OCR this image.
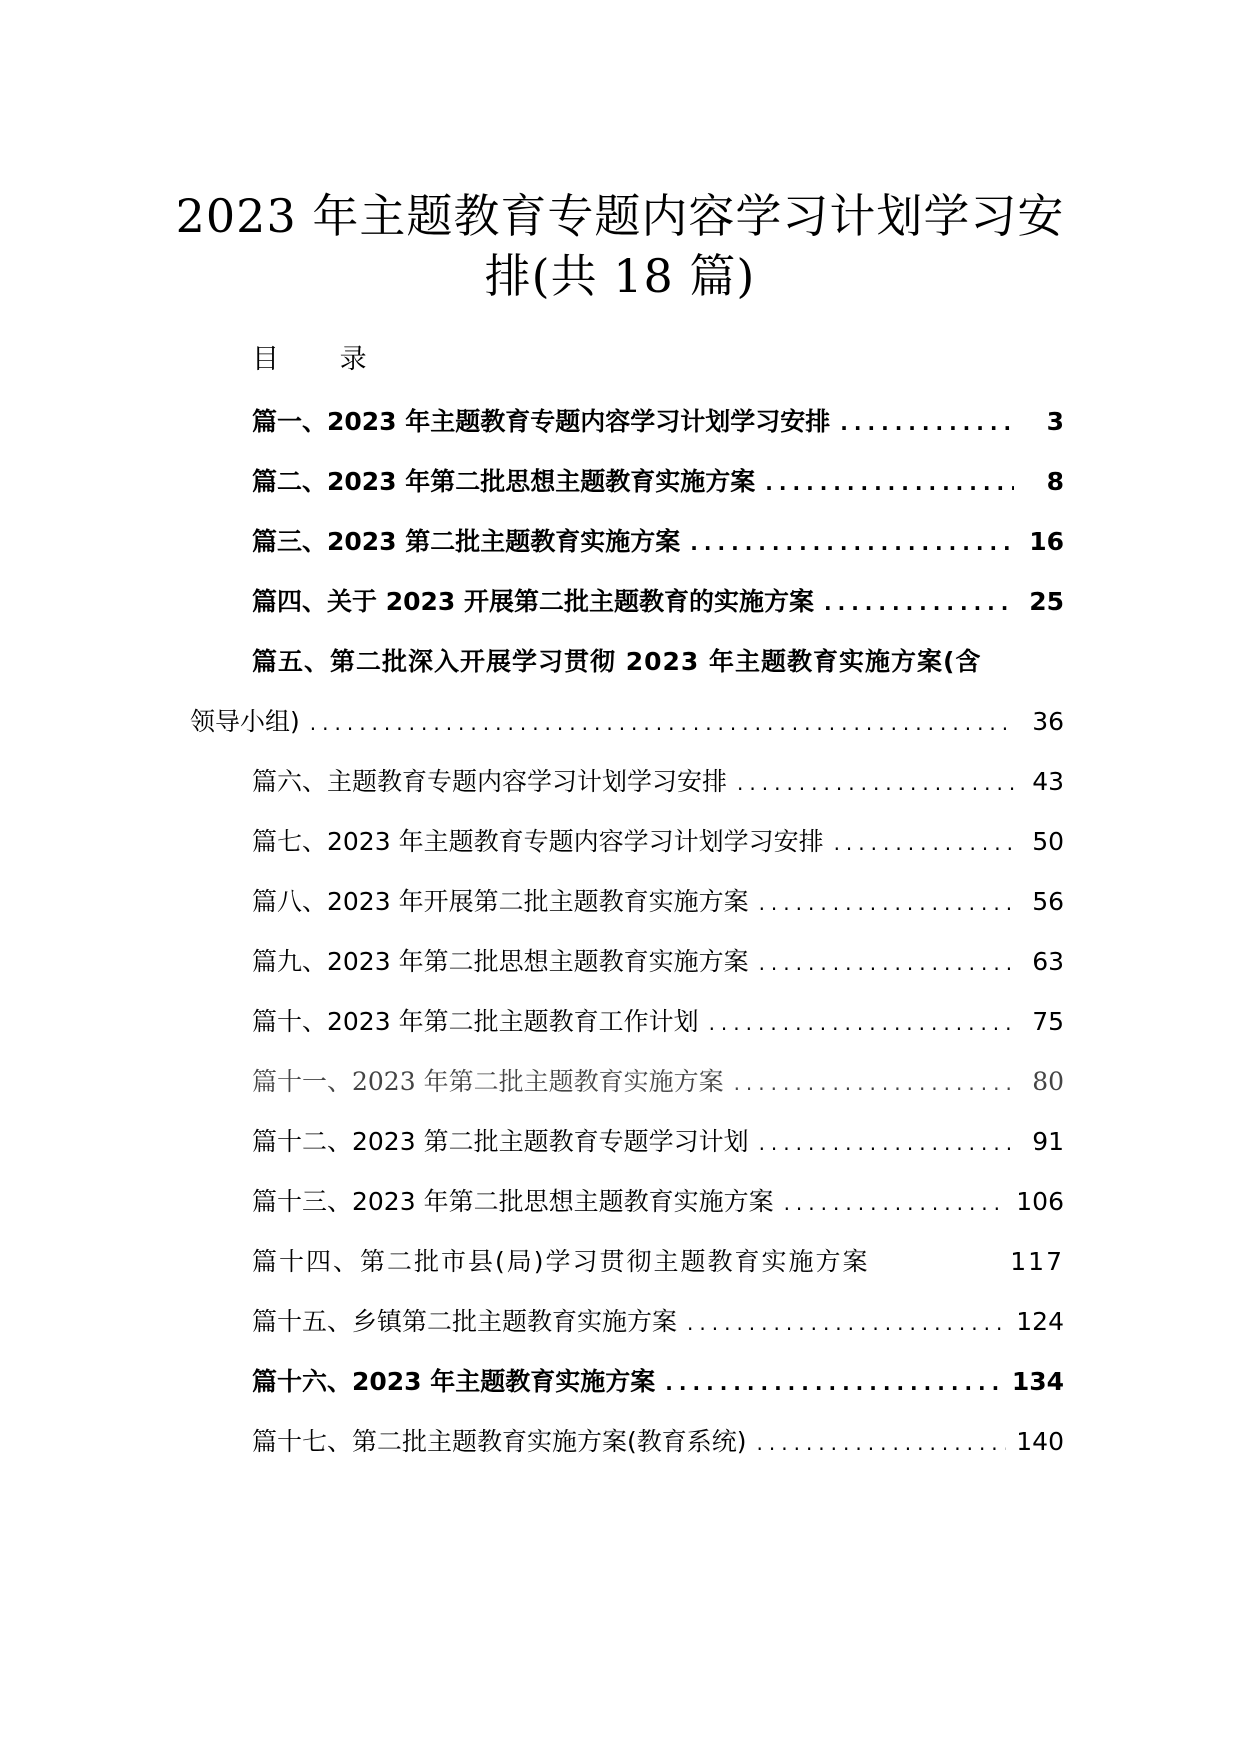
2023 年主题教育专题内容学习计划学习安
排(共 18 篇)
目 录
篇一、2023 年主题教育专题内容学习计划学习安排 .....	3
篇二、2023 年第二批思想主题教育实施方案 .....	8
篇三、2023 第二批主题教育实施方案 .....	16
篇四、关于 2023 开展第二批主题教育的实施方案 .....	25
篇五、第二批深入开展学习贯彻 2023 年主题教育实施方案(含
领导小组) .....	36
篇六、主题教育专题内容学习计划学习安排 .....	43
篇七、2023 年主题教育专题内容学习计划学习安排 .....	50
篇八、2023 年开展第二批主题教育实施方案 .....	56
篇九、2023 年第二批思想主题教育实施方案 .....	63
篇十、2023 年第二批主题教育工作计划 .....	75
篇十一、2023 年第二批主题教育实施方案 .....	80
篇十二、2023 第二批主题教育专题学习计划 .....	91
篇十三、2023 年第二批思想主题教育实施方案 .....	106
篇十四、第二批市县(局)学习贯彻主题教育实施方案	117
篇十五、乡镇第二批主题教育实施方案 .....	124
篇十六、2023 年主题教育实施方案 .....	134
篇十七、第二批主题教育实施方案(教育系统) .....	140
